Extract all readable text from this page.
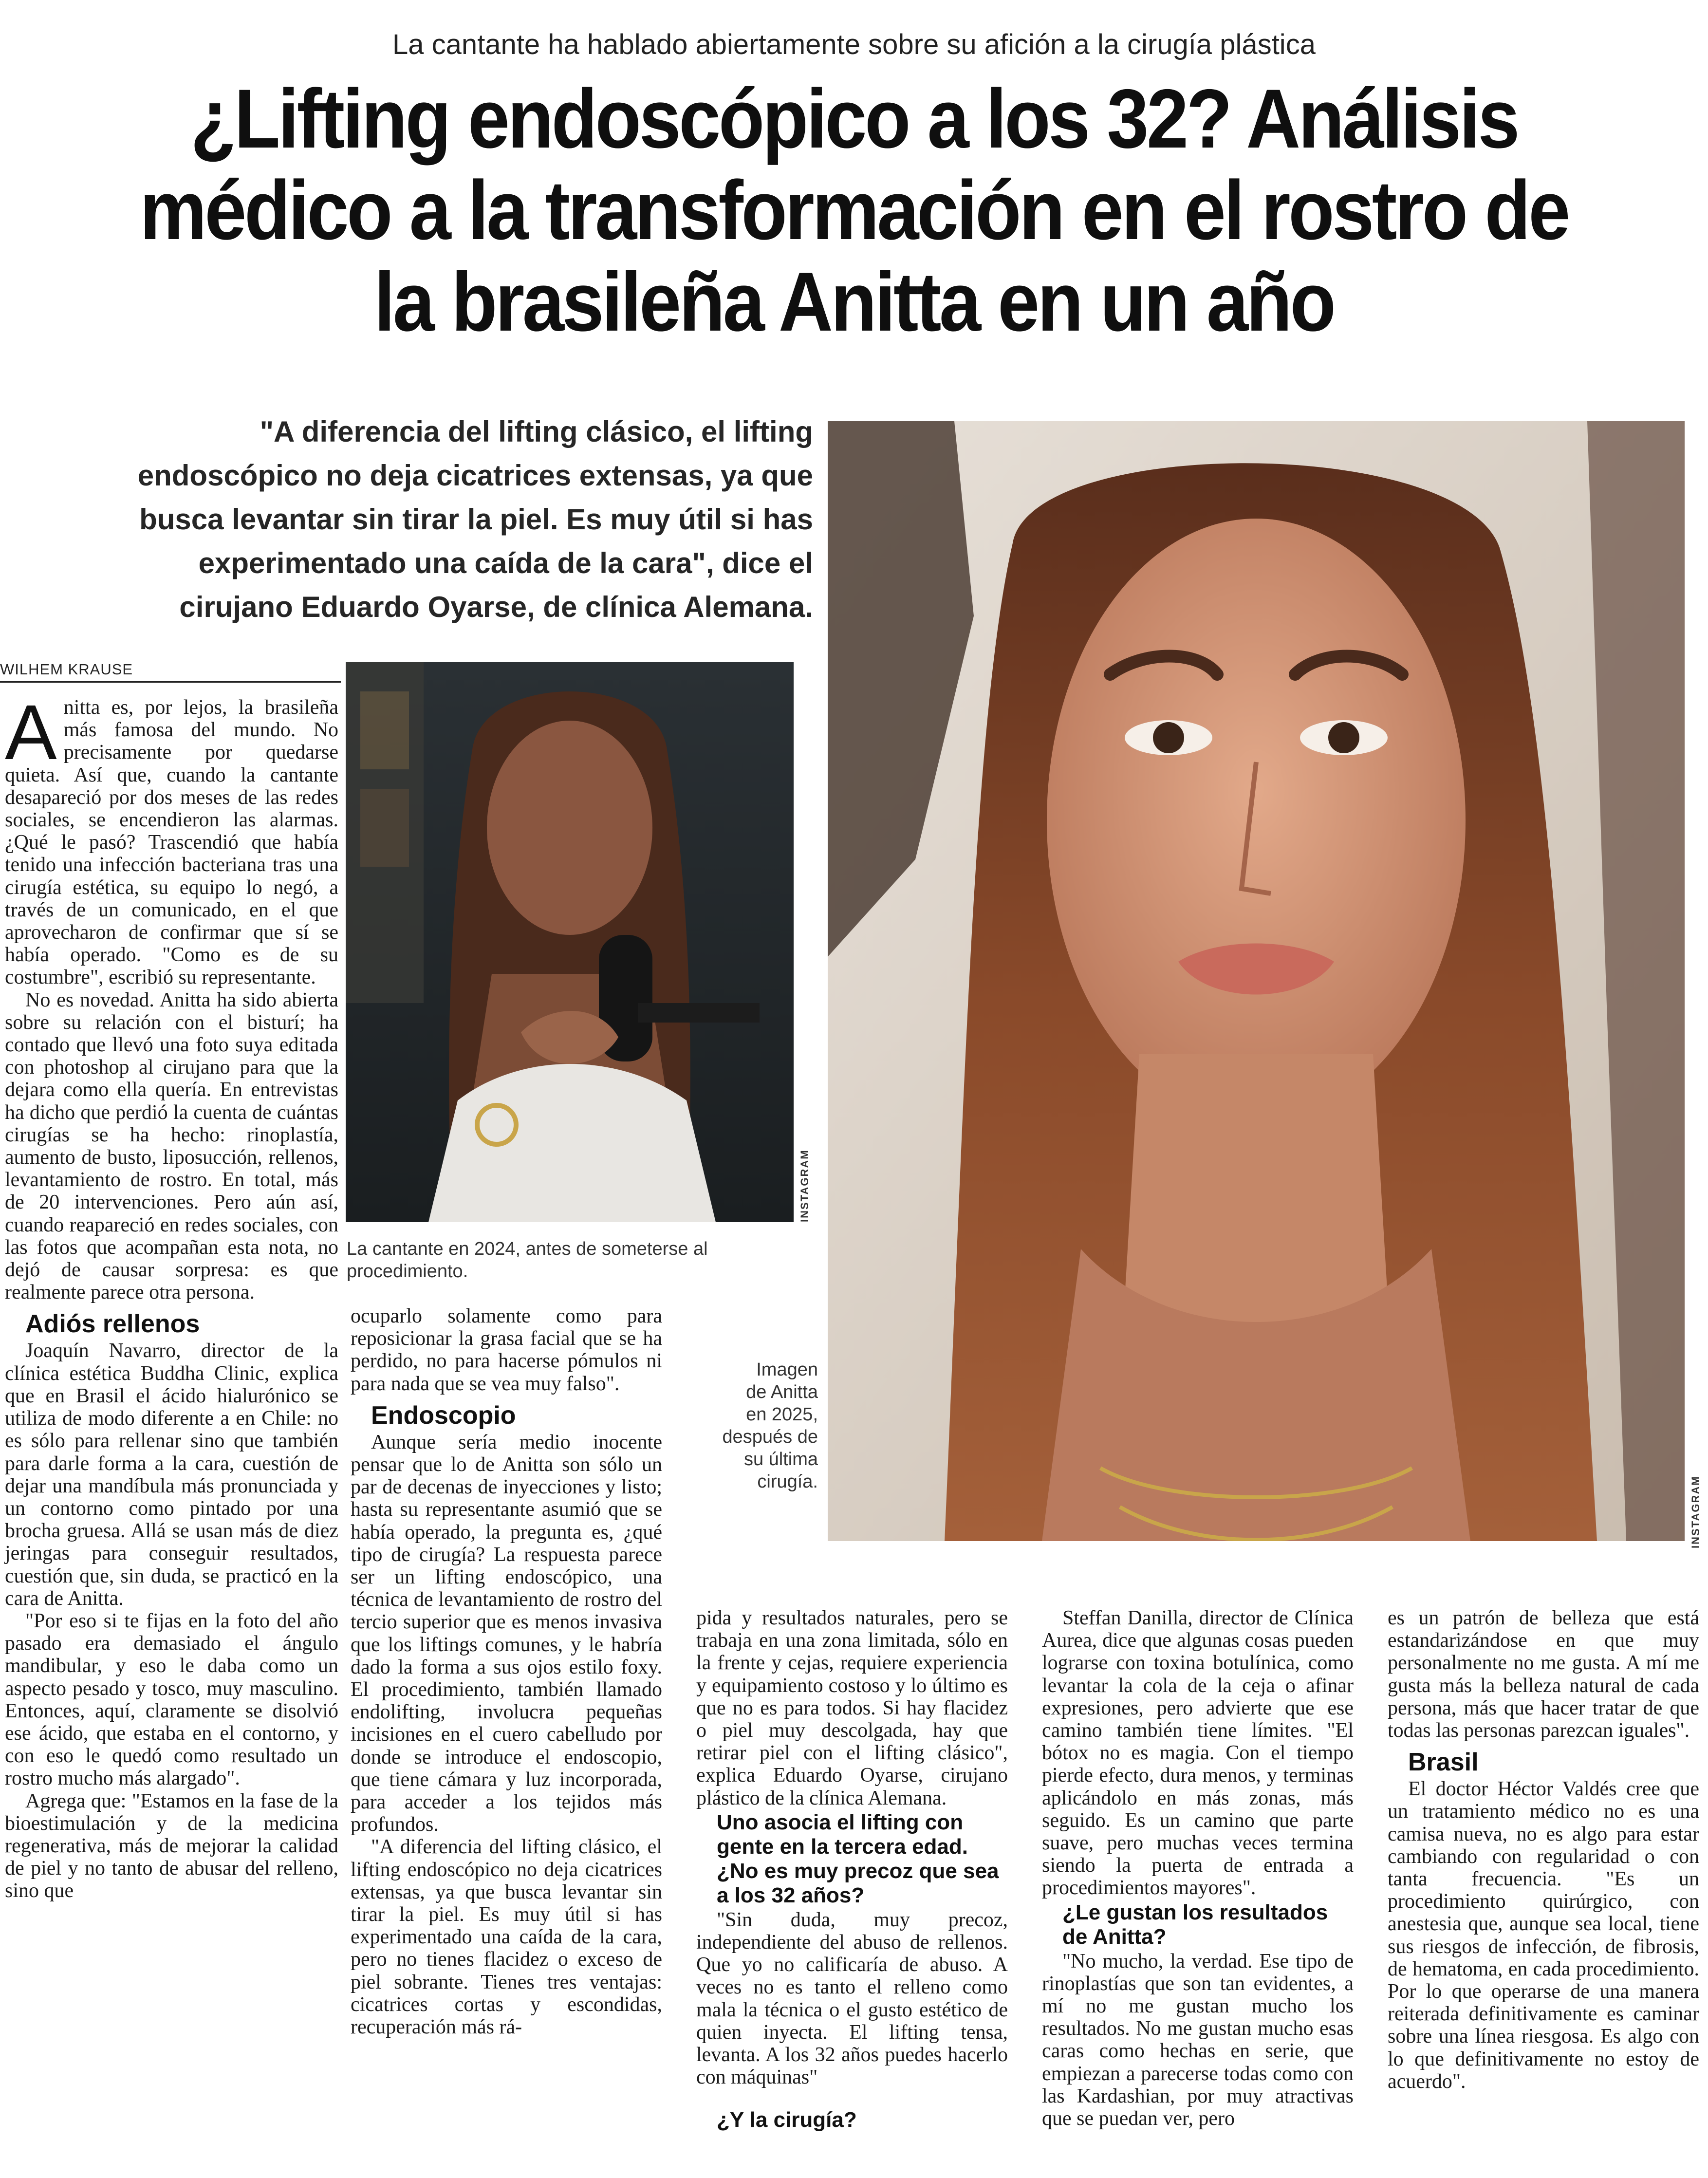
La cantante ha hablado abiertamente sobre su afición a la cirugía plástica
¿Lifting endoscópico a los 32? Análisis
médico a la transformación en el rostro de
la brasileña Anitta en un año
"A diferencia del lifting clásico, el lifting
endoscópico no deja cicatrices extensas, ya que
busca levantar sin tirar la piel. Es muy útil si has
experimentado una caída de la cara", dice el
cirujano Eduardo Oyarse, de clínica Alemana.
INSTAGRAM
Imagen
de Anitta
en 2025,
después de
su última
cirugía.
INSTAGRAM
La cantante en 2024, antes de someterse al procedimiento.
WILHEM KRAUSE

Anitta es, por lejos, la brasileña más famosa del mundo. No precisamente por quedarse quieta. Así que, cuando la cantante desapareció por dos meses de las redes sociales, se encendieron las alarmas. ¿Qué le pasó? Trascendió que había tenido una infección bacteriana tras una cirugía estética, su equipo lo negó, a través de un comunicado, en el que aprovecharon de confirmar que sí se había operado. "Como es de su costumbre", escribió su representante.

No es novedad. Anitta ha sido abierta sobre su relación con el bisturí; ha contado que llevó una foto suya editada con photoshop al cirujano para que la dejara como ella quería. En entrevistas ha dicho que perdió la cuenta de cuántas cirugías se ha hecho: rinoplastía, aumento de busto, liposucción, rellenos, levantamiento de rostro. En total, más de 20 intervenciones. Pero aún así, cuando reapareció en redes sociales, con las fotos que acompañan esta nota, no dejó de causar sorpresa: es que realmente parece otra persona.

Adiós rellenos

Joaquín Navarro, director de la clínica estética Buddha Clinic, explica que en Brasil el ácido hialurónico se utiliza de modo diferente a en Chile: no es sólo para rellenar sino que también para darle forma a la cara, cuestión de dejar una mandíbula más pronunciada y un contorno como pintado por una brocha gruesa. Allá se usan más de diez jeringas para conseguir resultados, cuestión que, sin duda, se practicó en la cara de Anitta.

"Por eso si te fijas en la foto del año pasado era demasiado el ángulo mandibular, y eso le daba como un aspecto pesado y tosco, muy masculino. Entonces, aquí, claramente se disolvió ese ácido, que estaba en el contorno, y con eso le quedó como resultado un rostro mucho más alargado".

Agrega que: "Estamos en la fase de la bioestimulación y de la medicina regenerativa, más de mejorar la calidad de piel y no tanto de abusar del relleno, sino que

ocuparlo solamente como para reposicionar la grasa facial que se ha perdido, no para hacerse pómulos ni para nada que se vea muy falso".

Endoscopio

Aunque sería medio inocente pensar que lo de Anitta son sólo un par de decenas de inyecciones y listo; hasta su representante asumió que se había operado, la pregunta es, ¿qué tipo de cirugía? La respuesta parece ser un lifting endoscópico, una técnica de levantamiento de rostro del tercio superior que es menos invasiva que los liftings comunes, y le habría dado la forma a sus ojos estilo foxy. El procedimiento, también llamado endolifting, involucra pequeñas incisiones en el cuero cabelludo por donde se introduce el endoscopio, que tiene cámara y luz incorporada, para acceder a los tejidos más profundos.

"A diferencia del lifting clásico, el lifting endoscópico no deja cicatrices extensas, ya que busca levantar sin tirar la piel. Es muy útil si has experimentado una caída de la cara, pero no tienes flacidez o exceso de piel sobrante. Tienes tres ventajas: cicatrices cortas y escondidas, recuperación más rá-

pida y resultados naturales, pero se trabaja en una zona limitada, sólo en la frente y cejas, requiere experiencia y equipamiento costoso y lo último es que no es para todos. Si hay flacidez o piel muy descolgada, hay que retirar piel con el lifting clásico", explica Eduardo Oyarse, cirujano plástico de la clínica Alemana.

Uno asocia el lifting con gente en la tercera edad. ¿No es muy precoz que sea a los 32 años?

"Sin duda, muy precoz, independiente del abuso de rellenos. Que yo no calificaría de abuso. A veces no es tanto el relleno como mala la técnica o el gusto estético de quien inyecta. El lifting tensa, levanta. A los 32 años puedes hacerlo con máquinas"

¿Y la cirugía?

Steffan Danilla, director de Clínica Aurea, dice que algunas cosas pueden lograrse con toxina botulínica, como levantar la cola de la ceja o afinar expresiones, pero advierte que ese camino también tiene límites. "El bótox no es magia. Con el tiempo pierde efecto, dura menos, y terminas aplicándolo en más zonas, más seguido. Es un camino que parte suave, pero muchas veces termina siendo la puerta de entrada a procedimientos mayores".

¿Le gustan los resultados de Anitta?

"No mucho, la verdad. Ese tipo de rinoplastías que son tan evidentes, a mí no me gustan mucho los resultados. No me gustan mucho esas caras como hechas en serie, que empiezan a parecerse todas como con las Kardashian, por muy atractivas que se puedan ver, pero

es un patrón de belleza que está estandarizándose en que muy personalmente no me gusta. A mí me gusta más la belleza natural de cada persona, más que hacer tratar de que todas las personas parezcan iguales".

Brasil

El doctor Héctor Valdés cree que un tratamiento médico no es una camisa nueva, no es algo para estar cambiando con regularidad o con tanta frecuencia. "Es un procedimiento quirúrgico, con anestesia que, aunque sea local, tiene sus riesgos de infección, de fibrosis, de hematoma, en cada procedimiento. Por lo que operarse de una manera reiterada definitivamente es caminar sobre una línea riesgosa. Es algo con lo que definitivamente no estoy de acuerdo".
